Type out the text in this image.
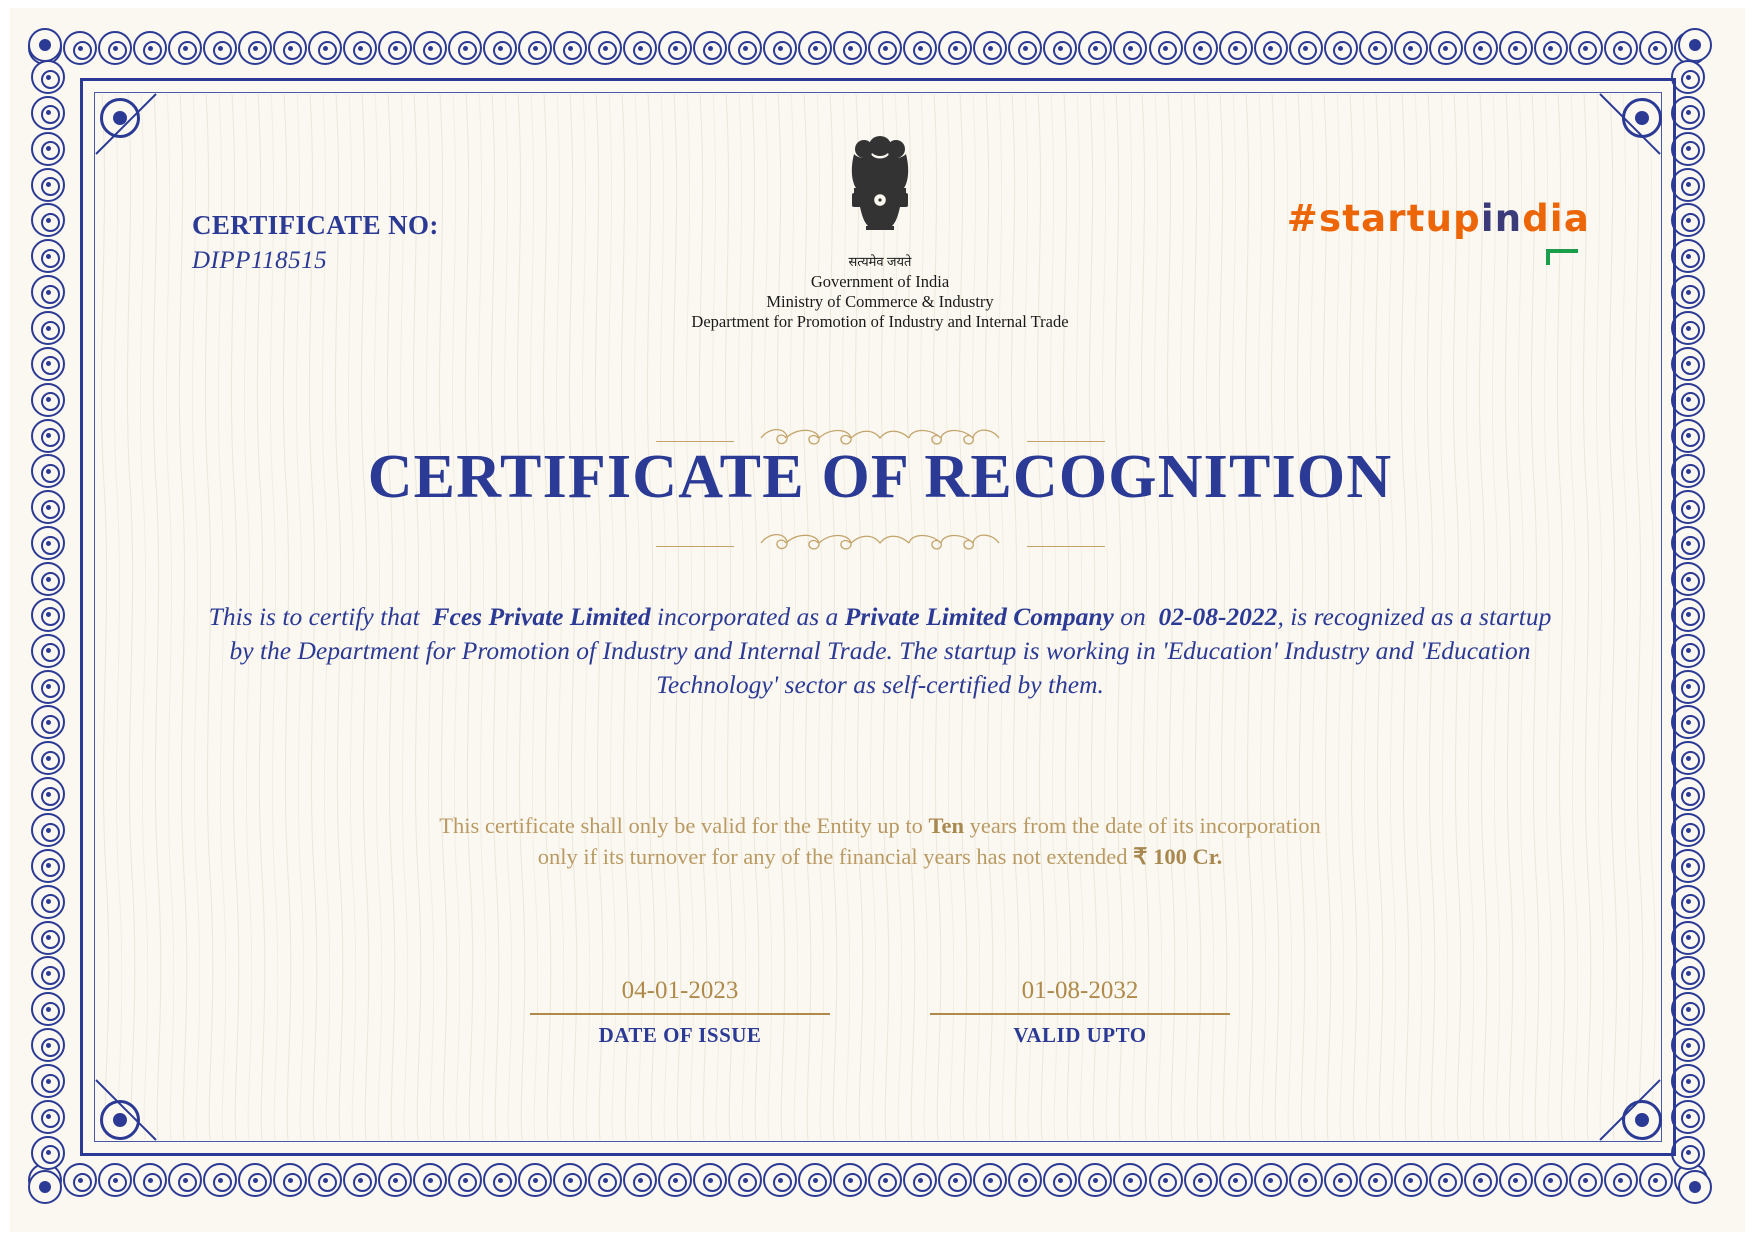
CERTIFICATE NO:
DIPP118515	सत्यमेव जयते
Government of India
Ministry of Commerce & Industry
Department for Promotion of Industry and Internal Trade
#startupindia

CERTIFICATE OF RECOGNITION

This is to certify that Fces Private Limited incorporated as a Private Limited Company on 02-08-2022, is recognized as a startup by the Department for Promotion of Industry and Internal Trade. The startup is working in 'Education' Industry and 'Education Technology' sector as self-certified by them.
This certificate shall only be valid for the Entity up to Ten years from the date of its incorporation
only if its turnover for any of the financial years has not extended ₹ 100 Cr.
04-01-2023
DATE OF ISSUE
01-08-2032
VALID UPTO
